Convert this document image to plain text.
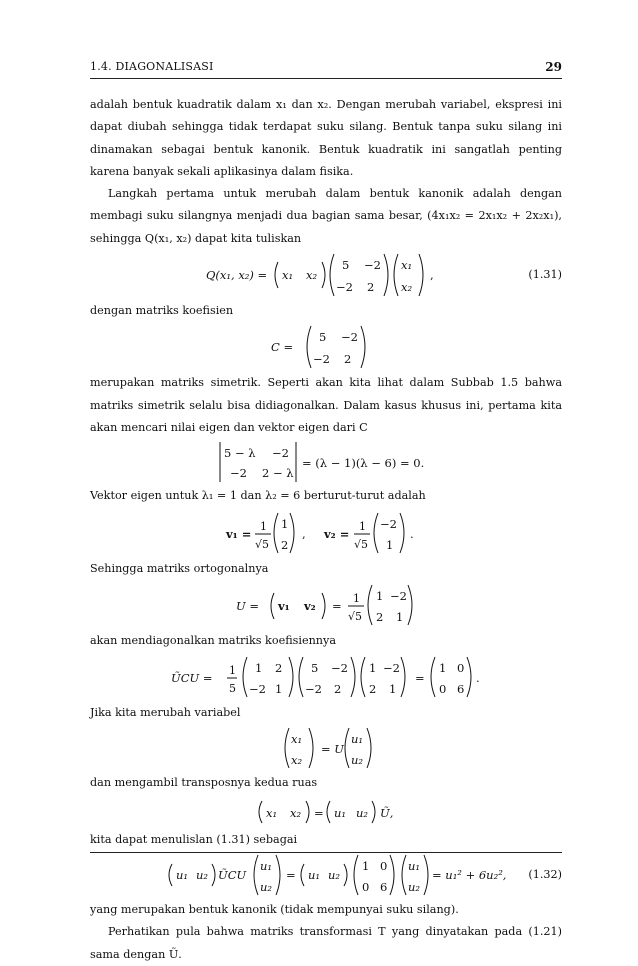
1.4. DIAGONALISASI	29

adalah bentuk kuadratik dalam x₁ dan x₂. Dengan merubah variabel, ekspresi ini dapat diubah sehingga tidak terdapat suku silang. Bentuk tanpa suku silang ini dinamakan sebagai bentuk kanonik. Bentuk kuadratik ini sangatlah penting karena banyak sekali aplikasinya dalam fisika.

Langkah pertama untuk merubah dalam bentuk kanonik adalah dengan membagi suku silangnya menjadi dua bagian sama besar, (4x₁x₂ = 2x₁x₂ + 2x₂x₁), sehingga Q(x₁, x₂) dapat kita tuliskan

Q(x₁, x₂) = x₁ x₂
5 −2
−2 2
x₁
x₂
,	(1.31)

dengan matriks koefisien

C =
5 −2
−2 2

merupakan matriks simetrik. Seperti akan kita lihat dalam Subbab 1.5 bahwa matriks simetrik selalu bisa didiagonalkan. Dalam kasus khusus ini, pertama kita akan mencari nilai eigen dan vektor eigen dari C

5 − λ −2
−2 2 − λ
= (λ − 1)(λ − 6) = 0.

Vektor eigen untuk λ₁ = 1 dan λ₂ = 6 berturut-turut adalah

v₁ =
1
√5
1
2
, v₂ =
1
√5
−2
1
.

Sehingga matriks ortogonalnya

U = v₁ v₂ =
1
√5
1 −2
2 1

akan mendiagonalkan matriks koefisiennya

ŨCU =
1
5
1 2
−2 1
5 −2
−2 2
1 −2
2 1
=
1 0
0 6
.

Jika kita merubah variabel

x₁
x₂
= U
u₁
u₂

dan mengambil transposnya kedua ruas

x₁ x₂ = u₁ u₂ Ũ,

kita dapat menulislan (1.31) sebagai

u₁ u₂ ŨCU
u₁
u₂
= u₁ u₂
1 0
0 6
u₁
u₂
= u₁² + 6u₂², (1.32)

yang merupakan bentuk kanonik (tidak mempunyai suku silang).

Perhatikan pula bahwa matriks transformasi T yang dinyatakan pada (1.21) sama dengan Ũ.
